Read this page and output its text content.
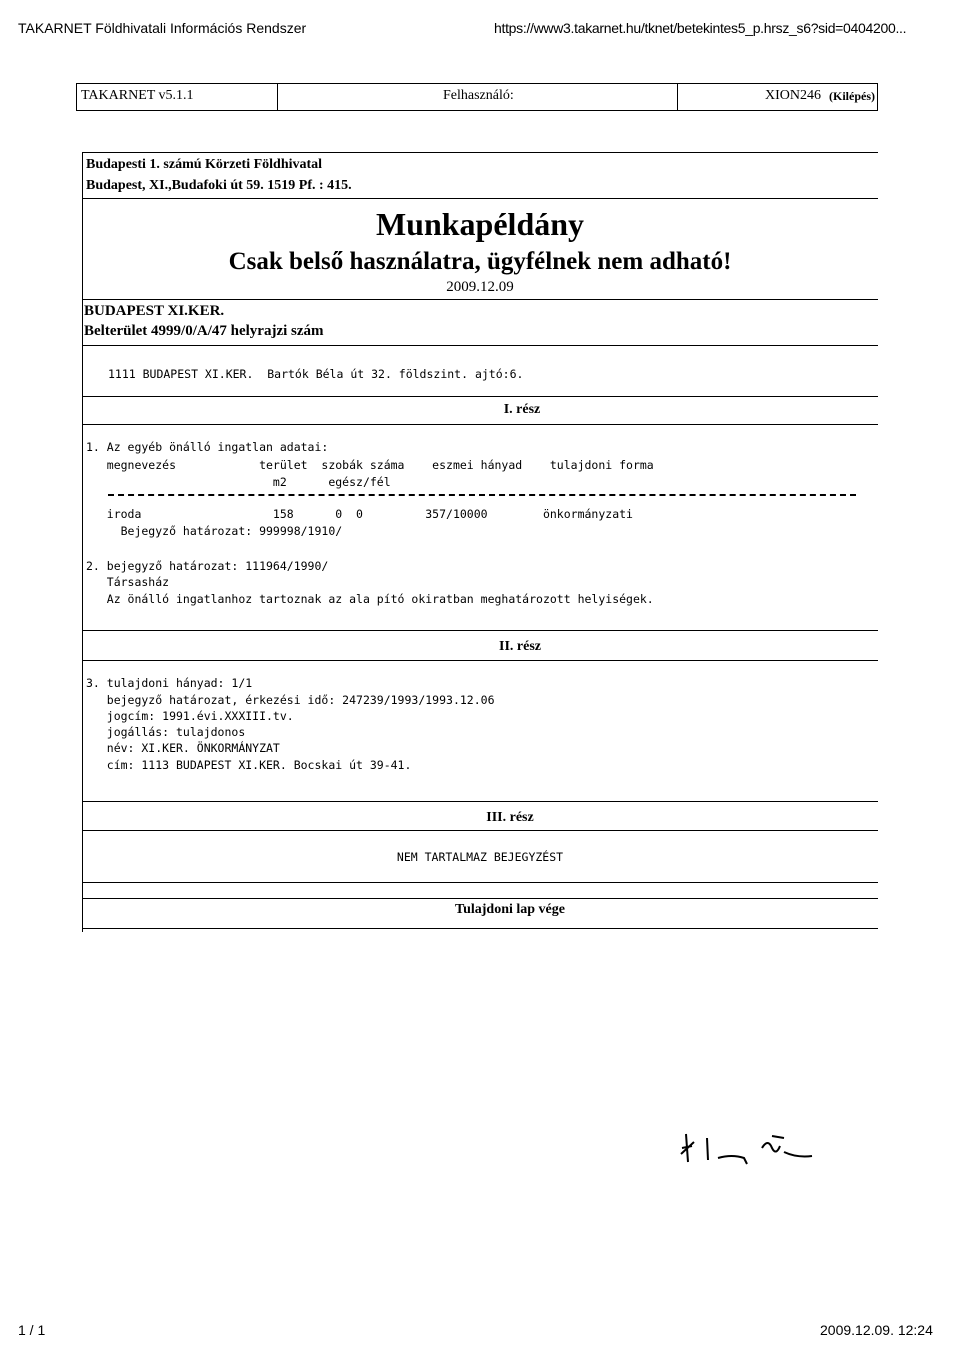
TAKARNET Földhivatali Információs Rendszer	https://www3.takarnet.hu/tknet/betekintes5_p.hrsz_s6?sid=0404200...
TAKARNET v5.1.1	Felhasználó:	XION246 (Kilépés)
Budapesti 1. számú Körzeti Földhivatal
Budapest, XI.,Budafoki út 59. 1519 Pf. : 415.
Munkapéldány
Csak belső használatra, ügyfélnek nem adható!
2009.12.09
BUDAPEST XI.KER.
Belterület 4999/0/A/47 helyrajzi szám
1111 BUDAPEST XI.KER.  Bartók Béla út 32. földszint. ajtó:6.
I. rész
1. Az egyéb önálló ingatlan adatai:
megnevezés            terület  szobák száma    eszmei hányad    tulajdoni forma
m2      egész/fél
iroda                   158      0  0         357/10000        önkormányzati
Bejegyző határozat: 999998/1910/
2. bejegyző határozat: 111964/1990/
Társasház
Az önálló ingatlanhoz tartoznak az ala pító okiratban meghatározott helyiségek.
II. rész
3. tulajdoni hányad: 1/1
bejegyző határozat, érkezési idő: 247239/1993/1993.12.06
jogcím: 1991.évi.XXXIII.tv.
jogállás: tulajdonos
név: XI.KER. ÖNKORMÁNYZAT
cím: 1113 BUDAPEST XI.KER. Bocskai út 39-41.
III. rész
NEM TARTALMAZ BEJEGYZÉST
Tulajdoni lap vége
1 / 1	2009.12.09. 12:24
